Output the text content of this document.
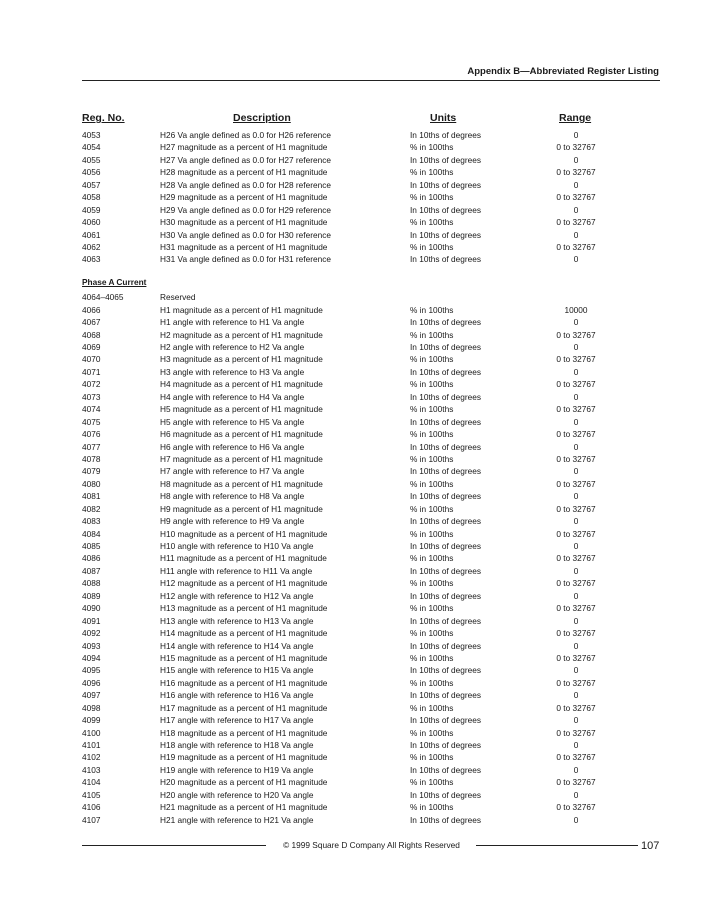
Appendix B—Abbreviated Register Listing
Reg. No.	Description	Units	Range
4053	H26 Va angle defined as 0.0 for H26 reference	In 10ths of degrees	0
4054	H27 magnitude as a percent of H1 magnitude	% in 100ths	0 to 32767
4055	H27 Va angle defined as 0.0 for H27 reference	In 10ths of degrees	0
4056	H28 magnitude as a percent of H1 magnitude	% in 100ths	0 to 32767
4057	H28 Va angle defined as 0.0 for H28 reference	In 10ths of degrees	0
4058	H29 magnitude as a percent of H1 magnitude	% in 100ths	0 to 32767
4059	H29 Va angle defined as 0.0 for H29 reference	In 10ths of degrees	0
4060	H30 magnitude as a percent of H1 magnitude	% in 100ths	0 to 32767
4061	H30 Va angle defined as 0.0 for H30 reference	In 10ths of degrees	0
4062	H31 magnitude as a percent of H1 magnitude	% in 100ths	0 to 32767
4063	H31 Va angle defined as 0.0 for H31 reference	In 10ths of degrees	0
Phase A Current
4064–4065	Reserved
4066	H1 magnitude as a percent of H1 magnitude	% in 100ths	10000
4067	H1 angle with reference to H1 Va angle	In 10ths of degrees	0
4068	H2 magnitude as a percent of H1 magnitude	% in 100ths	0 to 32767
4069	H2 angle with reference to H2 Va angle	In 10ths of degrees	0
4070	H3 magnitude as a percent of H1 magnitude	% in 100ths	0 to 32767
4071	H3 angle with reference to H3 Va angle	In 10ths of degrees	0
4072	H4 magnitude as a percent of H1 magnitude	% in 100ths	0 to 32767
4073	H4 angle with reference to H4 Va angle	In 10ths of degrees	0
4074	H5 magnitude as a percent of H1 magnitude	% in 100ths	0 to 32767
4075	H5 angle with reference to H5 Va angle	In 10ths of degrees	0
4076	H6 magnitude as a percent of H1 magnitude	% in 100ths	0 to 32767
4077	H6 angle with reference to H6 Va angle	In 10ths of degrees	0
4078	H7 magnitude as a percent of H1 magnitude	% in 100ths	0 to 32767
4079	H7 angle with reference to H7 Va angle	In 10ths of degrees	0
4080	H8 magnitude as a percent of H1 magnitude	% in 100ths	0 to 32767
4081	H8 angle with reference to H8 Va angle	In 10ths of degrees	0
4082	H9 magnitude as a percent of H1 magnitude	% in 100ths	0 to 32767
4083	H9 angle with reference to H9 Va angle	In 10ths of degrees	0
4084	H10 magnitude as a percent of H1 magnitude	% in 100ths	0 to 32767
4085	H10 angle with reference to H10 Va angle	In 10ths of degrees	0
4086	H11 magnitude as a percent of H1 magnitude	% in 100ths	0 to 32767
4087	H11 angle with reference to H11 Va angle	In 10ths of degrees	0
4088	H12 magnitude as a percent of H1 magnitude	% in 100ths	0 to 32767
4089	H12 angle with reference to H12 Va angle	In 10ths of degrees	0
4090	H13 magnitude as a percent of H1 magnitude	% in 100ths	0 to 32767
4091	H13 angle with reference to H13 Va angle	In 10ths of degrees	0
4092	H14 magnitude as a percent of H1 magnitude	% in 100ths	0 to 32767
4093	H14 angle with reference to H14 Va angle	In 10ths of degrees	0
4094	H15 magnitude as a percent of H1 magnitude	% in 100ths	0 to 32767
4095	H15 angle with reference to H15 Va angle	In 10ths of degrees	0
4096	H16 magnitude as a percent of H1 magnitude	% in 100ths	0 to 32767
4097	H16 angle with reference to H16 Va angle	In 10ths of degrees	0
4098	H17 magnitude as a percent of H1 magnitude	% in 100ths	0 to 32767
4099	H17 angle with reference to H17 Va angle	In 10ths of degrees	0
4100	H18 magnitude as a percent of H1 magnitude	% in 100ths	0 to 32767
4101	H18 angle with reference to H18 Va angle	In 10ths of degrees	0
4102	H19 magnitude as a percent of H1 magnitude	% in 100ths	0 to 32767
4103	H19 angle with reference to H19 Va angle	In 10ths of degrees	0
4104	H20 magnitude as a percent of H1 magnitude	% in 100ths	0 to 32767
4105	H20 angle with reference to H20 Va angle	In 10ths of degrees	0
4106	H21 magnitude as a percent of H1 magnitude	% in 100ths	0 to 32767
4107	H21 angle with reference to H21 Va angle	In 10ths of degrees	0
© 1999 Square D Company All Rights Reserved	107
